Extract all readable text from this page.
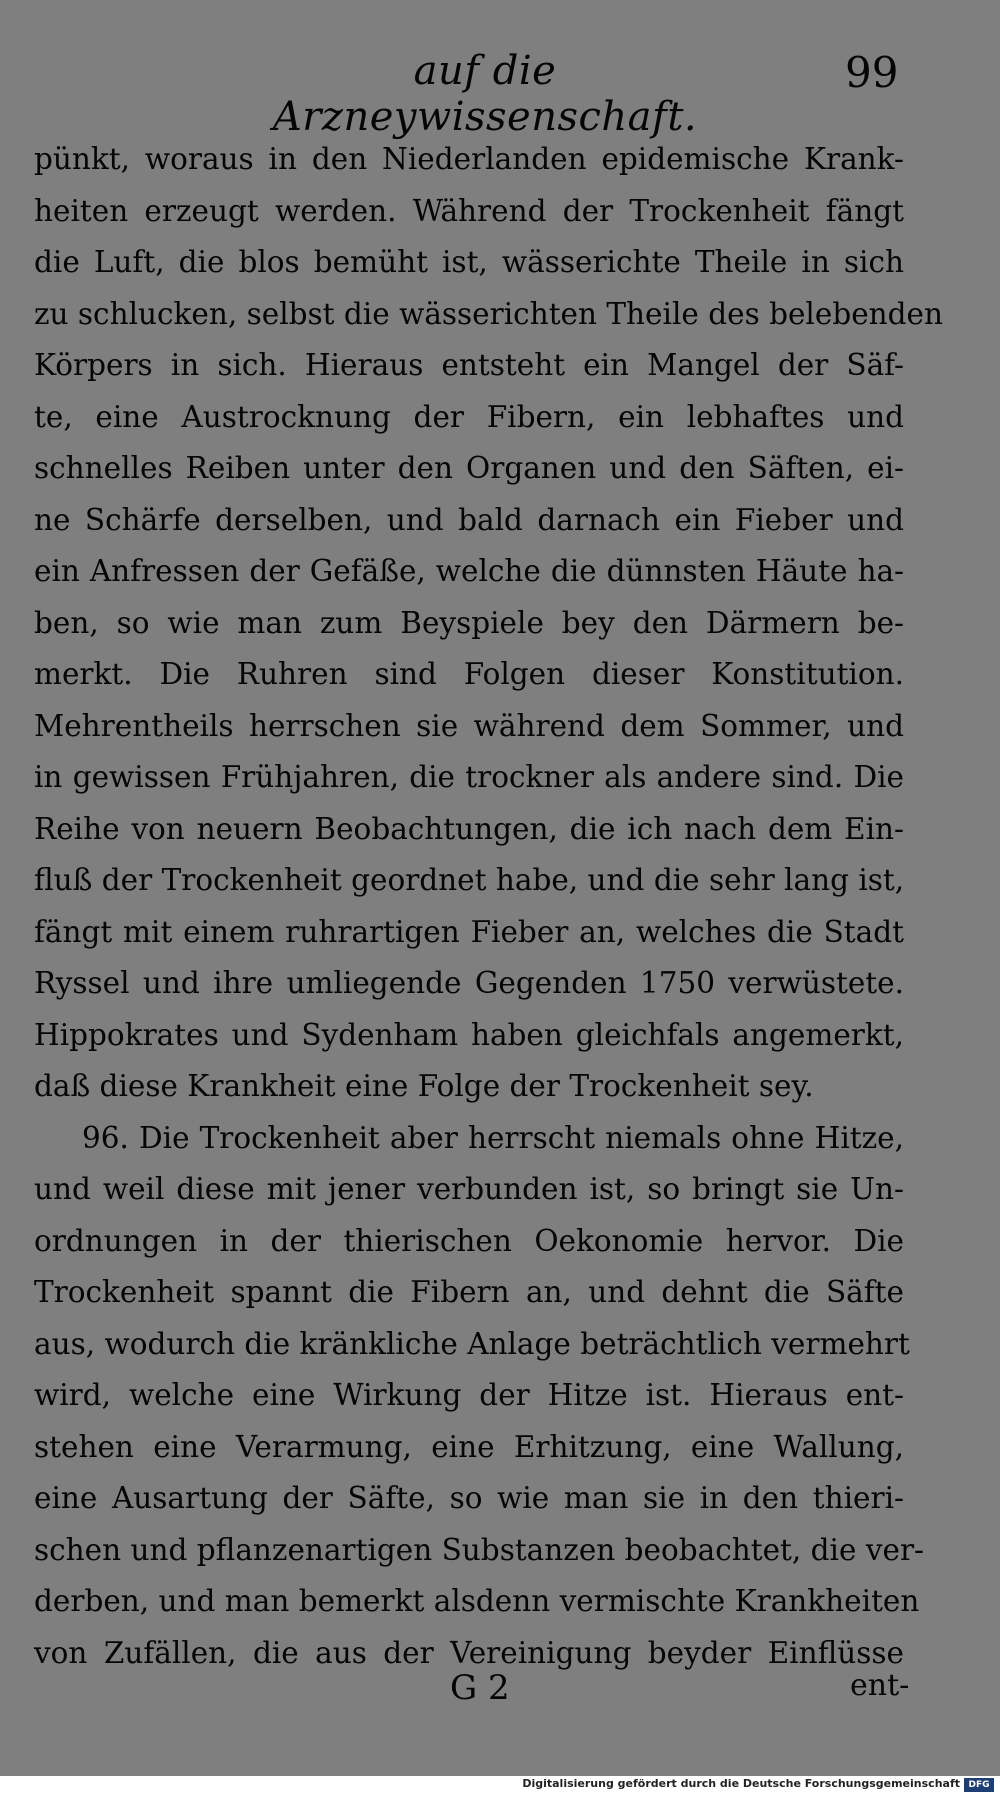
auf die Arzneywissenschaft.
99
pünkt, woraus in den Niederlanden epidemische Krank-
heiten erzeugt werden. Während der Trockenheit fängt
die Luft, die blos bemüht ist, wässerichte Theile in sich
zu schlucken, selbst die wässerichten Theile des belebenden
Körpers in sich. Hieraus entsteht ein Mangel der Säf-
te, eine Austrocknung der Fibern, ein lebhaftes und
schnelles Reiben unter den Organen und den Säften, ei-
ne Schärfe derselben, und bald darnach ein Fieber und
ein Anfressen der Gefäße, welche die dünnsten Häute ha-
ben, so wie man zum Beyspiele bey den Därmern be-
merkt. Die Ruhren sind Folgen dieser Konstitution.
Mehrentheils herrschen sie während dem Sommer, und
in gewissen Frühjahren, die trockner als andere sind. Die
Reihe von neuern Beobachtungen, die ich nach dem Ein-
fluß der Trockenheit geordnet habe, und die sehr lang ist,
fängt mit einem ruhrartigen Fieber an, welches die Stadt
Ryssel und ihre umliegende Gegenden 1750 verwüstete.
Hippokrates und Sydenham haben gleichfals angemerkt,
daß diese Krankheit eine Folge der Trockenheit sey.
96. Die Trockenheit aber herrscht niemals ohne Hitze,
und weil diese mit jener verbunden ist, so bringt sie Un-
ordnungen in der thierischen Oekonomie hervor. Die
Trockenheit spannt die Fibern an, und dehnt die Säfte
aus, wodurch die kränkliche Anlage beträchtlich vermehrt
wird, welche eine Wirkung der Hitze ist. Hieraus ent-
stehen eine Verarmung, eine Erhitzung, eine Wallung,
eine Ausartung der Säfte, so wie man sie in den thieri-
schen und pflanzenartigen Substanzen beobachtet, die ver-
derben, und man bemerkt alsdenn vermischte Krankheiten
von Zufällen, die aus der Vereinigung beyder Einflüsse
G 2	ent-
Digitalisierung gefördert durch die Deutsche Forschungsgemeinschaft DFG
